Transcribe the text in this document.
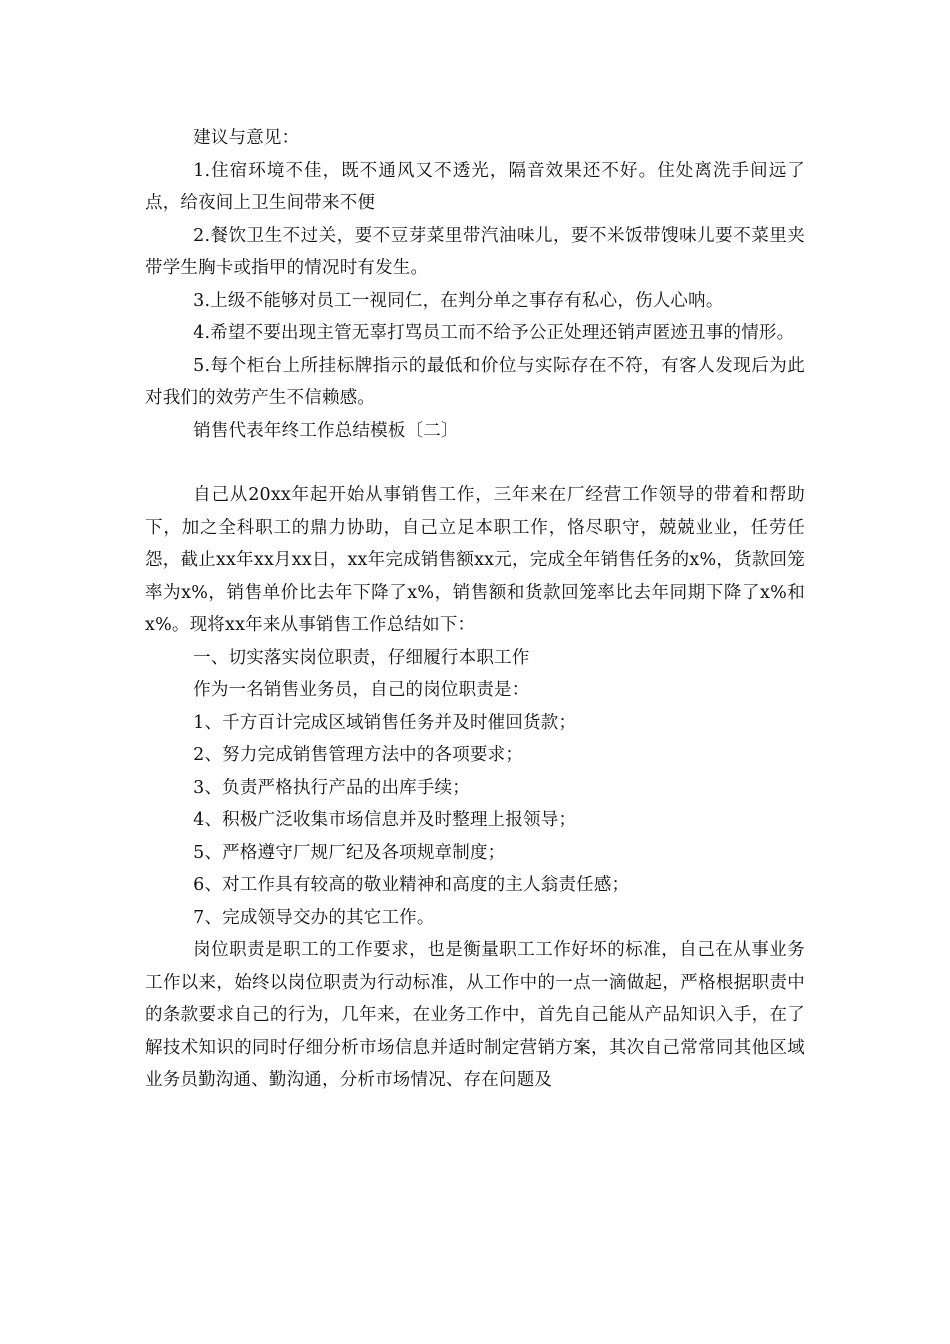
建议与意见：

1.住宿环境不佳，既不通风又不透光，隔音效果还不好。住处离洗手间远了点，给夜间上卫生间带来不便

2.餐饮卫生不过关，要不豆芽菜里带汽油味儿，要不米饭带馊味儿要不菜里夹带学生胸卡或指甲的情况时有发生。

3.上级不能够对员工一视同仁，在判分单之事存有私心，伤人心呐。

4.希望不要出现主管无辜打骂员工而不给予公正处理还销声匿迹丑事的情形。

5.每个柜台上所挂标牌指示的最低和价位与实际存在不符，有客人发现后为此对我们的效劳产生不信赖感。

销售代表年终工作总结模板〔二〕

自己从20xx年起开始从事销售工作，三年来在厂经营工作领导的带着和帮助下，加之全科职工的鼎力协助，自己立足本职工作，恪尽职守，兢兢业业，任劳任怨，截止xx年xx月xx日，xx年完成销售额xx元，完成全年销售任务的x%，货款回笼率为x%，销售单价比去年下降了x%，销售额和货款回笼率比去年同期下降了x%和x%。现将xx年来从事销售工作总结如下：

一、切实落实岗位职责，仔细履行本职工作

作为一名销售业务员，自己的岗位职责是：

1、千方百计完成区域销售任务并及时催回货款；

2、努力完成销售管理方法中的各项要求；

3、负责严格执行产品的出库手续；

4、积极广泛收集市场信息并及时整理上报领导；

5、严格遵守厂规厂纪及各项规章制度；

6、对工作具有较高的敬业精神和高度的主人翁责任感；

7、完成领导交办的其它工作。

岗位职责是职工的工作要求，也是衡量职工工作好坏的标准，自己在从事业务工作以来，始终以岗位职责为行动标准，从工作中的一点一滴做起，严格根据职责中的条款要求自己的行为，几年来，在业务工作中，首先自己能从产品知识入手，在了解技术知识的同时仔细分析市场信息并适时制定营销方案，其次自己常常同其他区域业务员勤沟通、勤沟通，分析市场情况、存在问题及
